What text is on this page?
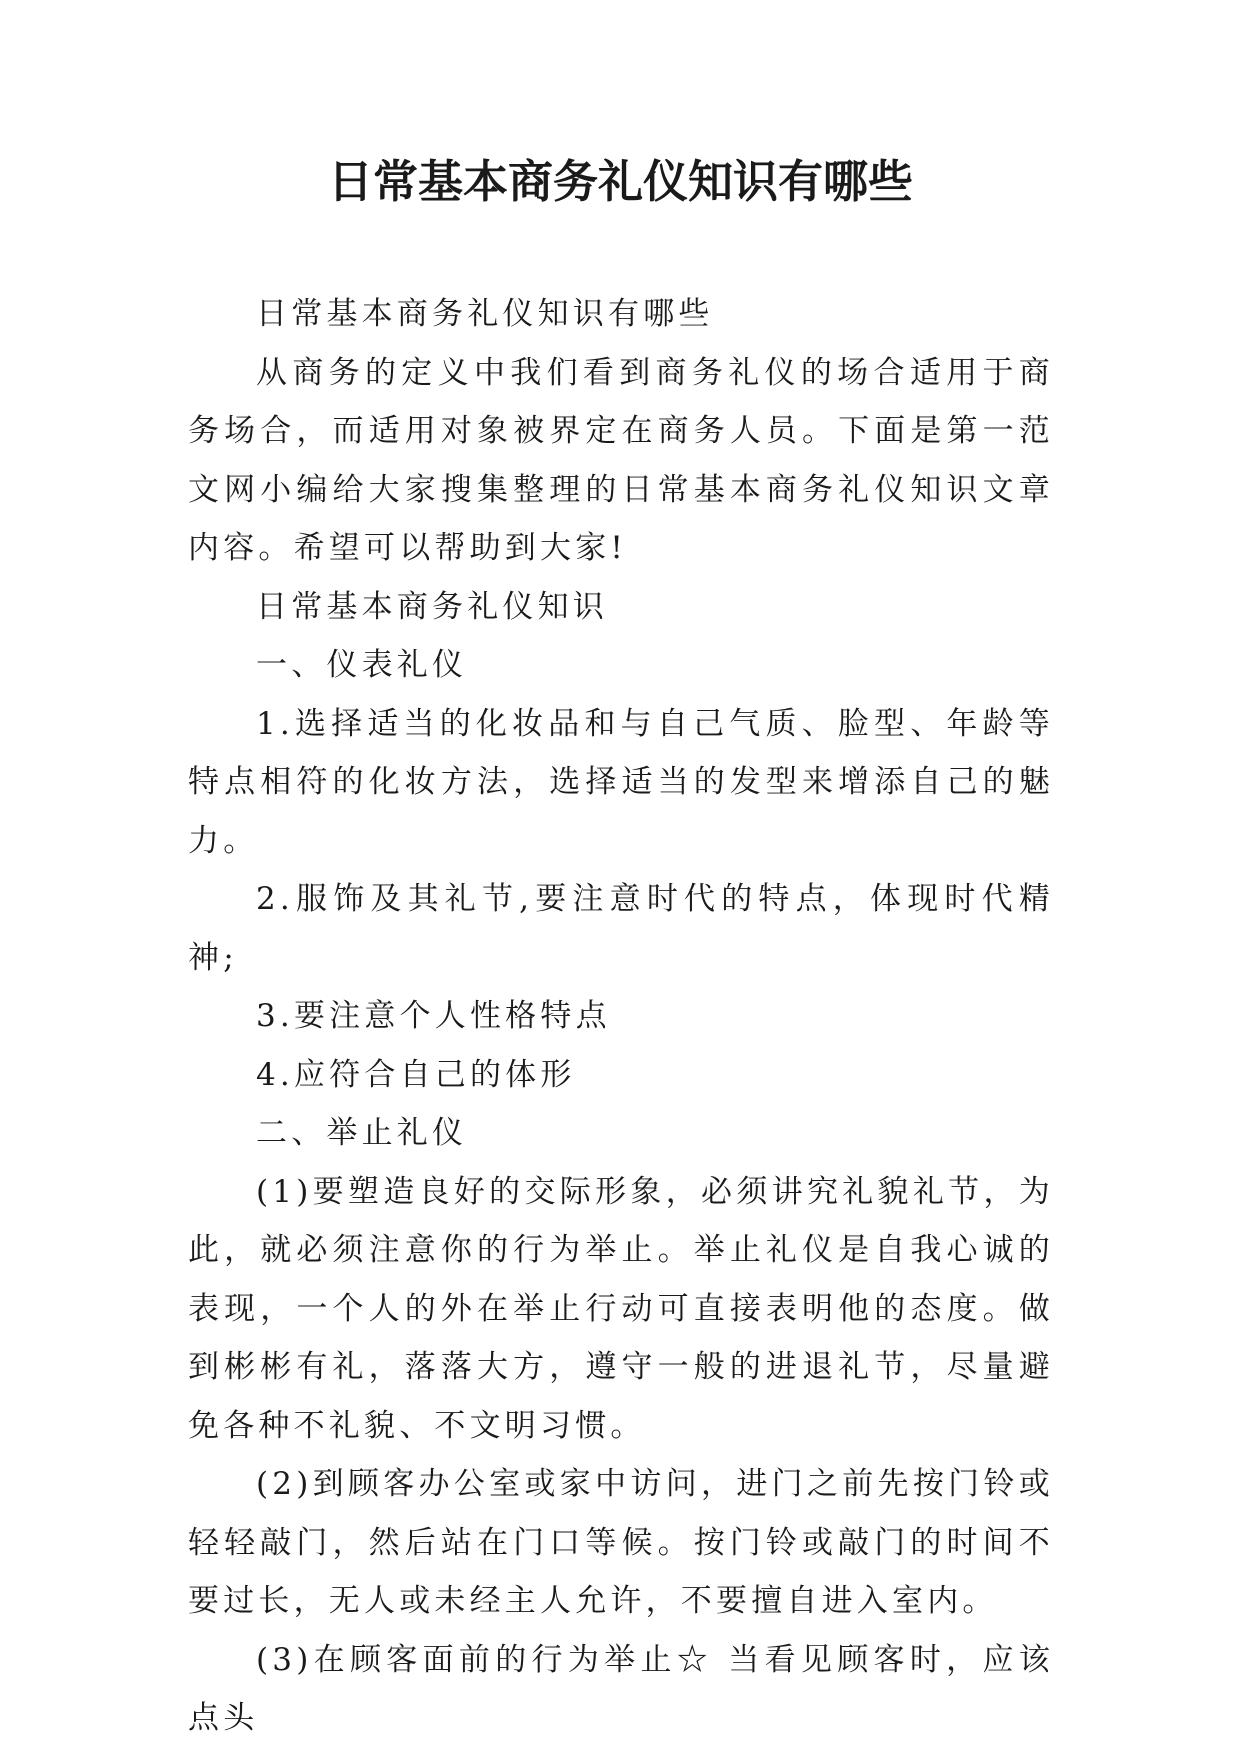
日常基本商务礼仪知识有哪些

日常基本商务礼仪知识有哪些

从商务的定义中我们看到商务礼仪的场合适用于商务场合，而适用对象被界定在商务人员。下面是第一范文网小编给大家搜集整理的日常基本商务礼仪知识文章内容。希望可以帮助到大家!

日常基本商务礼仪知识

一、仪表礼仪

1.选择适当的化妆品和与自己气质、脸型、年龄等特点相符的化妆方法，选择适当的发型来增添自己的魅力。

2.服饰及其礼节,要注意时代的特点，体现时代精神;

3.要注意个人性格特点

4.应符合自己的体形

二、举止礼仪

(1)要塑造良好的交际形象，必须讲究礼貌礼节，为此，就必须注意你的行为举止。举止礼仪是自我心诚的表现，一个人的外在举止行动可直接表明他的态度。做到彬彬有礼，落落大方，遵守一般的进退礼节，尽量避免各种不礼貌、不文明习惯。

(2)到顾客办公室或家中访问，进门之前先按门铃或轻轻敲门，然后站在门口等候。按门铃或敲门的时间不要过长，无人或未经主人允许，不要擅自进入室内。

(3)在顾客面前的行为举止☆ 当看见顾客时，应该点头
